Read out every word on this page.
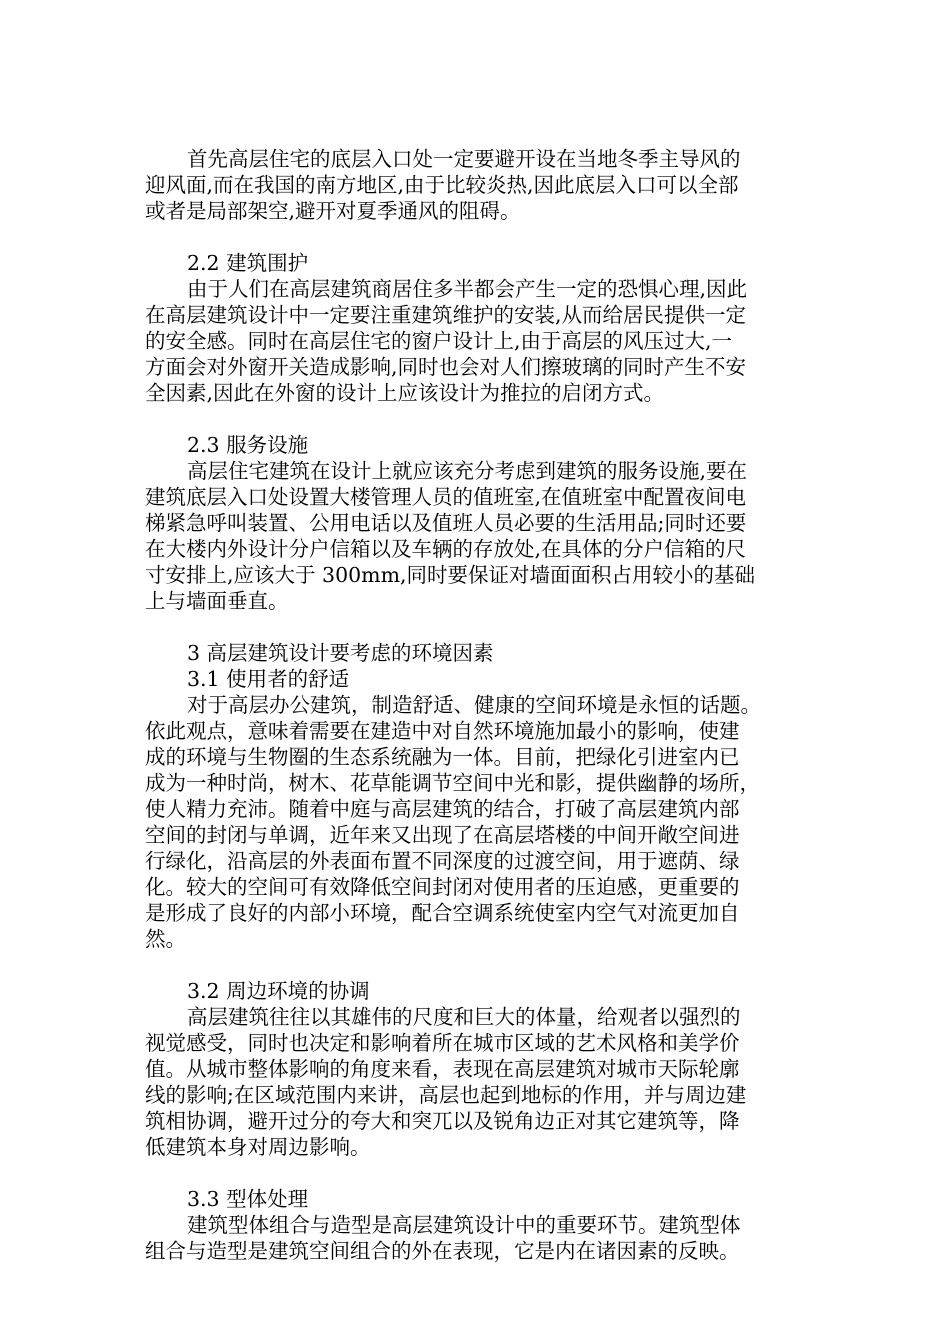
首先高层住宅的底层入口处一定要避开设在当地冬季主导风的
迎风面,而在我国的南方地区,由于比较炎热,因此底层入口可以全部
或者是局部架空,避开对夏季通风的阻碍。
2.2 建筑围护
由于人们在高层建筑商居住多半都会产生一定的恐惧心理,因此
在高层建筑设计中一定要注重建筑维护的安装,从而给居民提供一定
的安全感。同时在高层住宅的窗户设计上,由于高层的风压过大,一
方面会对外窗开关造成影响,同时也会对人们擦玻璃的同时产生不安
全因素,因此在外窗的设计上应该设计为推拉的启闭方式。
2.3 服务设施
高层住宅建筑在设计上就应该充分考虑到建筑的服务设施,要在
建筑底层入口处设置大楼管理人员的值班室,在值班室中配置夜间电
梯紧急呼叫装置、公用电话以及值班人员必要的生活用品;同时还要
在大楼内外设计分户信箱以及车辆的存放处,在具体的分户信箱的尺
寸安排上,应该大于 300mm,同时要保证对墙面面积占用较小的基础
上与墙面垂直。
3 高层建筑设计要考虑的环境因素
3.1 使用者的舒适
对于高层办公建筑，制造舒适、健康的空间环境是永恒的话题。
依此观点，意味着需要在建造中对自然环境施加最小的影响，使建
成的环境与生物圈的生态系统融为一体。目前，把绿化引进室内已
成为一种时尚，树木、花草能调节空间中光和影，提供幽静的场所，
使人精力充沛。随着中庭与高层建筑的结合，打破了高层建筑内部
空间的封闭与单调，近年来又出现了在高层塔楼的中间开敞空间进
行绿化，沿高层的外表面布置不同深度的过渡空间，用于遮荫、绿
化。较大的空间可有效降低空间封闭对使用者的压迫感，更重要的
是形成了良好的内部小环境，配合空调系统使室内空气对流更加自
然。
3.2 周边环境的协调
高层建筑往往以其雄伟的尺度和巨大的体量，给观者以强烈的
视觉感受，同时也决定和影响着所在城市区域的艺术风格和美学价
值。从城市整体影响的角度来看，表现在高层建筑对城市天际轮廓
线的影响;在区域范围内来讲，高层也起到地标的作用，并与周边建
筑相协调，避开过分的夸大和突兀以及锐角边正对其它建筑等，降
低建筑本身对周边影响。
3.3 型体处理
建筑型体组合与造型是高层建筑设计中的重要环节。建筑型体
组合与造型是建筑空间组合的外在表现，它是内在诸因素的反映。
